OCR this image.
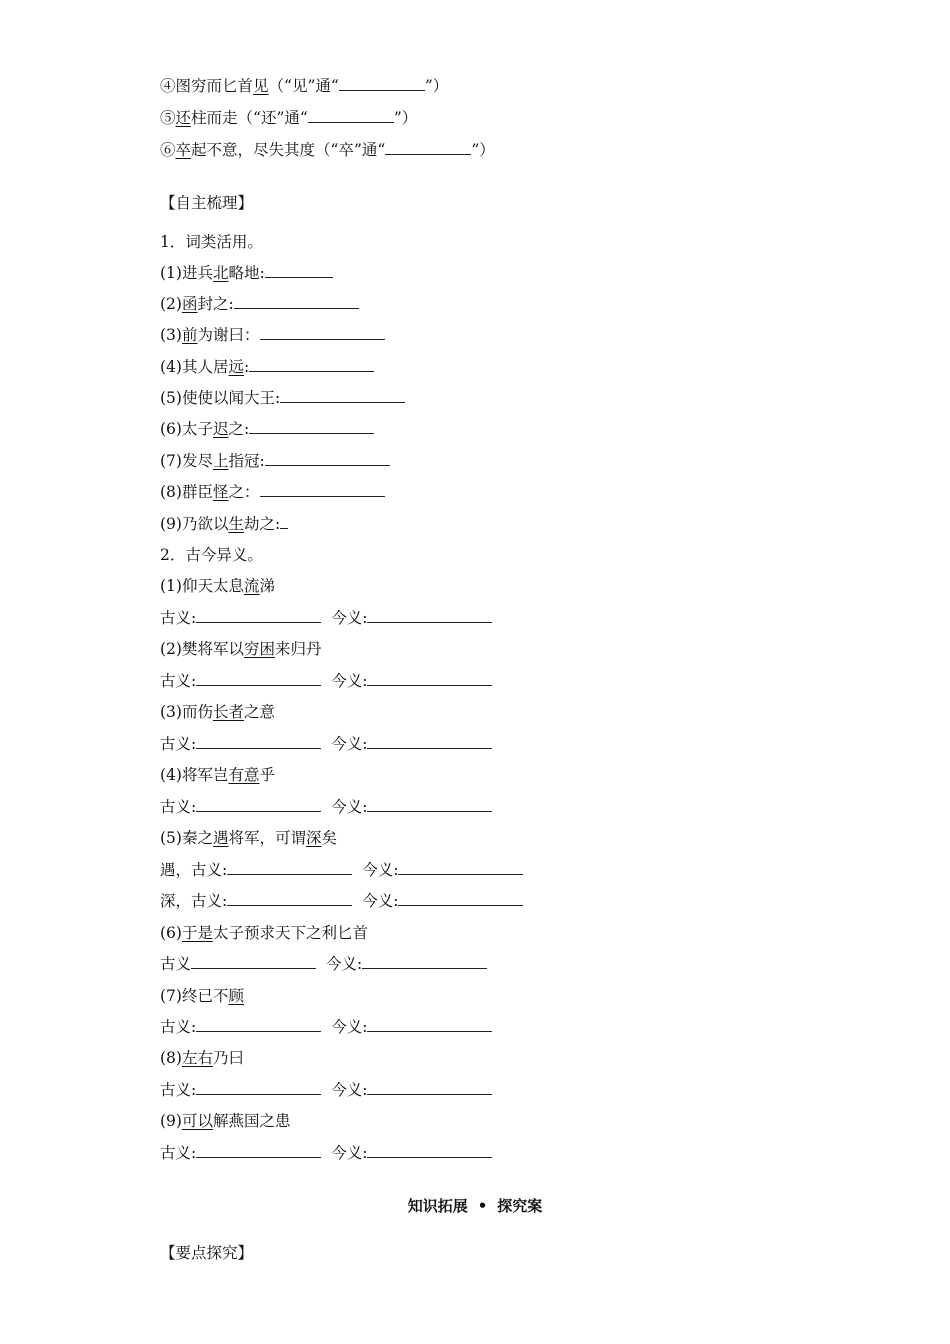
④图穷而匕首见（“见”通“	”）
⑤还柱而走（“还”通“	”）
⑥卒起不意，尽失其度（“卒”通“	”）
【自主梳理】
1．词类活用。
(1)进兵北略地:
(2)函封之:
(3)前为谢曰：
(4)其人居远:
(5)使使以闻大王:
(6)太子迟之:
(7)发尽上指冠:
(8)群臣怪之：
(9)乃欲以生劫之:
2．古今异义。
(1)仰天太息流涕
古义:	今义:
(2)樊将军以穷困来归丹
古义:	今义:
(3)而伤长者之意
古义:	今义:
(4)将军岂有意乎
古义:	今义:
(5)秦之遇将军，可谓深矣
遇，古义:	今义:
深，古义:	今义:
(6)于是太子预求天下之利匕首
古义	今义:
(7)终已不顾
古义:	今义:
(8)左右乃曰
古义:	今义:
(9)可以解燕国之患
古义:	今义:
知识拓展 • 探究案
【要点探究】
